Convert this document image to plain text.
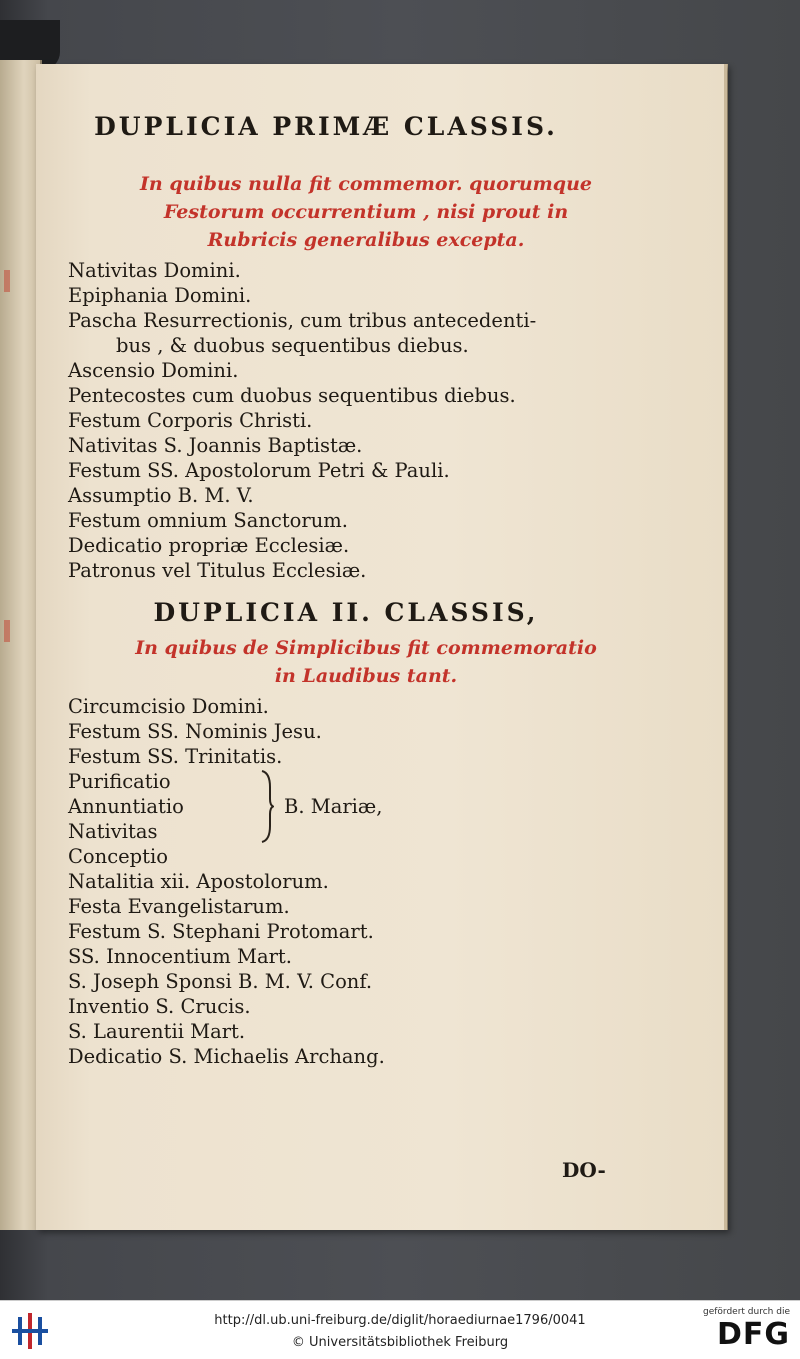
DUPLICIA PRIMÆ CLASSIS.
In quibus nulla fit commemor. quorumque
Festorum occurrentium , nisi prout in
Rubricis generalibus excepta.
Nativitas Domini.
Epiphania Domini.
Pascha Resurrectionis, cum tribus antecedenti-
bus , & duobus sequentibus diebus.
Ascensio Domini.
Pentecostes cum duobus sequentibus diebus.
Festum Corporis Christi.
Nativitas S. Joannis Baptistæ.
Festum SS. Apostolorum Petri & Pauli.
Assumptio B. M. V.
Festum omnium Sanctorum.
Dedicatio propriæ Ecclesiæ.
Patronus vel Titulus Ecclesiæ.
DUPLICIA II. CLASSIS,
In quibus de Simplicibus fit commemoratio
in Laudibus tant.
Circumcisio Domini.
Festum SS. Nominis Jesu.
Festum SS. Trinitatis.
Purificatio
Annuntiatio
Nativitas
B. Mariæ,
Conceptio
Natalitia xii. Apostolorum.
Festa Evangelistarum.
Festum S. Stephani Protomart.
SS. Innocentium Mart.
S. Joseph Sponsi B. M. V. Conf.
Inventio S. Crucis.
S. Laurentii Mart.
Dedicatio S. Michaelis Archang.
DO-
http://dl.ub.uni-freiburg.de/diglit/horaediurnae1796/0041
© Universitätsbibliothek Freiburg
gefördert durch die
DFG
